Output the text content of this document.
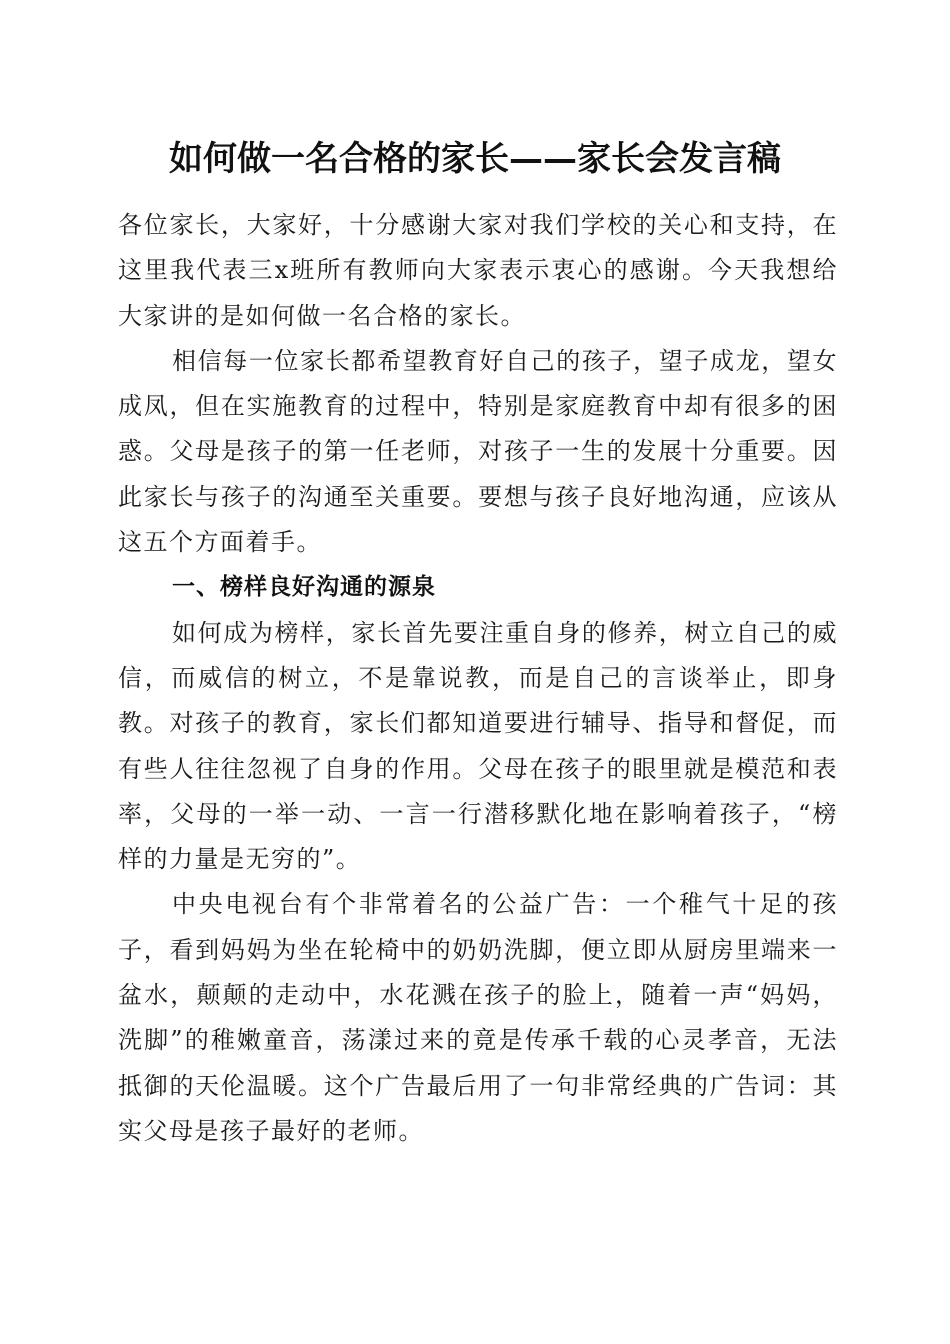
如何做一名合格的家长——家长会发言稿

各位家长，大家好，十分感谢大家对我们学校的关心和支持，在这里我代表三x班所有教师向大家表示衷心的感谢。今天我想给大家讲的是如何做一名合格的家长。

相信每一位家长都希望教育好自己的孩子，望子成龙，望女成凤，但在实施教育的过程中，特别是家庭教育中却有很多的困惑。父母是孩子的第一任老师，对孩子一生的发展十分重要。因此家长与孩子的沟通至关重要。要想与孩子良好地沟通，应该从这五个方面着手。

一、榜样良好沟通的源泉

如何成为榜样，家长首先要注重自身的修养，树立自己的威信，而威信的树立，不是靠说教，而是自己的言谈举止，即身教。对孩子的教育，家长们都知道要进行辅导、指导和督促，而有些人往往忽视了自身的作用。父母在孩子的眼里就是模范和表率，父母的一举一动、一言一行潜移默化地在影响着孩子，“榜样的力量是无穷的”。

中央电视台有个非常着名的公益广告：一个稚气十足的孩子，看到妈妈为坐在轮椅中的奶奶洗脚，便立即从厨房里端来一盆水，颠颠的走动中，水花溅在孩子的脸上，随着一声“妈妈，洗脚”的稚嫩童音，荡漾过来的竟是传承千载的心灵孝音，无法抵御的天伦温暖。这个广告最后用了一句非常经典的广告词：其实父母是孩子最好的老师。
